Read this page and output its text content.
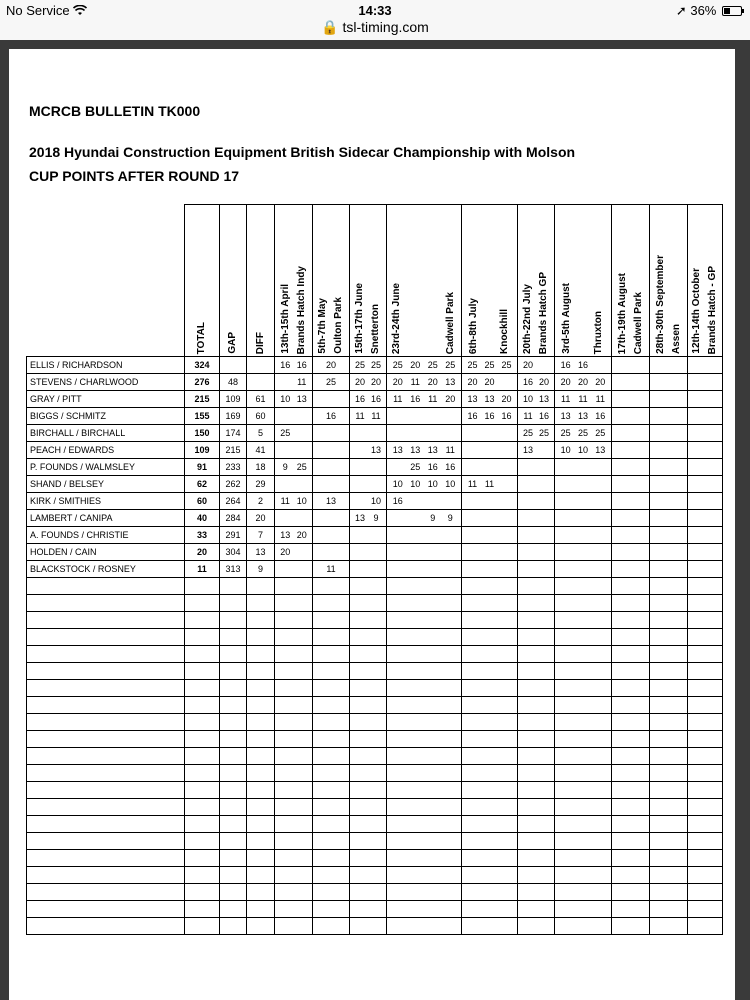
No Service	14:33
🔒 tsl-timing.com
➚ 36%
MCRCB BULLETIN TK000
2018 Hyundai Construction Equipment British Sidecar Championship with Molson
CUP POINTS AFTER ROUND 17

	TOTAL	GAP	DIFF	13th-15th April Brands Hatch Indy	5th-7th May Oulton Park	15th-17th June Snetterton	23rd-24th June Cadwell Park	6th-8th July Knockhill	20th-22nd July Brands Hatch GP	3rd-5th August Thruxton	17th-19th August Cadwell Park	28th-30th September Assen	12th-14th October Brands Hatch - GP

ELLIS / RICHARDSON	324			16 16	20	25 25	25 20 25 25	25 25 25	20	16 16			

STEVENS / CHARLWOOD	276	48		11	25	20 20	20 11 20 13	20 20	16 20	20 20 20			

GRAY / PITT	215	109	61	10 13		16 16	11 16 11 20	13 13 20	10 13	11 11 11			

BIGGS / SCHMITZ	155	169	60		16	11 11		16 16 16	11 16	13 13 16			

BIRCHALL / BIRCHALL	150	174	5	25					25 25	25 25 25			

PEACH / EDWARDS	109	215	41			13	13 13 13 11		13	10 10 13			

P. FOUNDS / WALMSLEY	91	233	18	9 25			25 16 16						

SHAND / BELSEY	62	262	29				10 10 10 10	11 11					

KIRK / SMITHIES	60	264	2	11 10	13	10	16						

LAMBERT / CANIPA	40	284	20			13 9	9 9						

A. FOUNDS / CHRISTIE	33	291	7	13 20									

HOLDEN / CAIN	20	304	13	20									

BLACKSTOCK / ROSNEY	11	313	9		11								
